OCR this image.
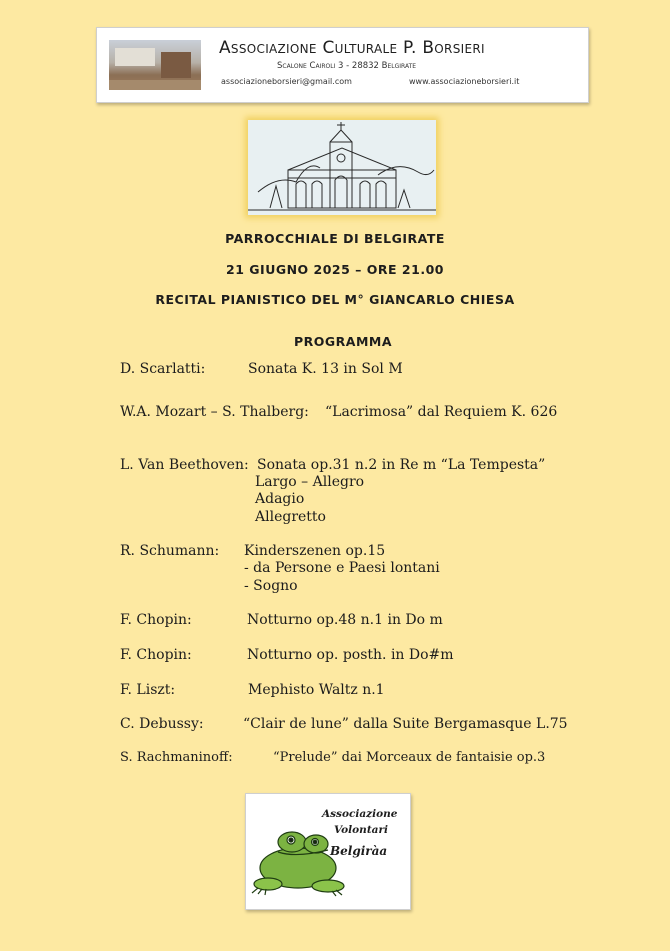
Associazione Culturale P. Borsieri
Scalone Cairoli 3 - 28832 Belgirate
associazioneborsieri@gmail.com	www.associazioneborsieri.it
PARROCCHIALE DI BELGIRATE
21 GIUGNO 2025 – ORE 21.00
RECITAL PIANISTICO DEL M° GIANCARLO CHIESA
PROGRAMMA
D. Scarlatti:	Sonata K. 13 in Sol M
W.A. Mozart – S. Thalberg: “Lacrimosa” dal Requiem K. 626
L. Van Beethoven: Sonata op.31 n.2 in Re m “La Tempesta”
Largo – Allegro
Adagio
Allegretto
R. Schumann: Kinderszenen op.15
- da Persone e Paesi lontani
- Sogno
F. Chopin:	Notturno op.48 n.1 in Do m
F. Chopin:	Notturno op. posth. in Do#m
F. Liszt:	Mephisto Waltz n.1
C. Debussy:	“Clair de lune” dalla Suite Bergamasque L.75
S. Rachmaninoff:	“Prelude” dai Morceaux de fantaisie op.3
Associazione
Volontari
Belgiràa
